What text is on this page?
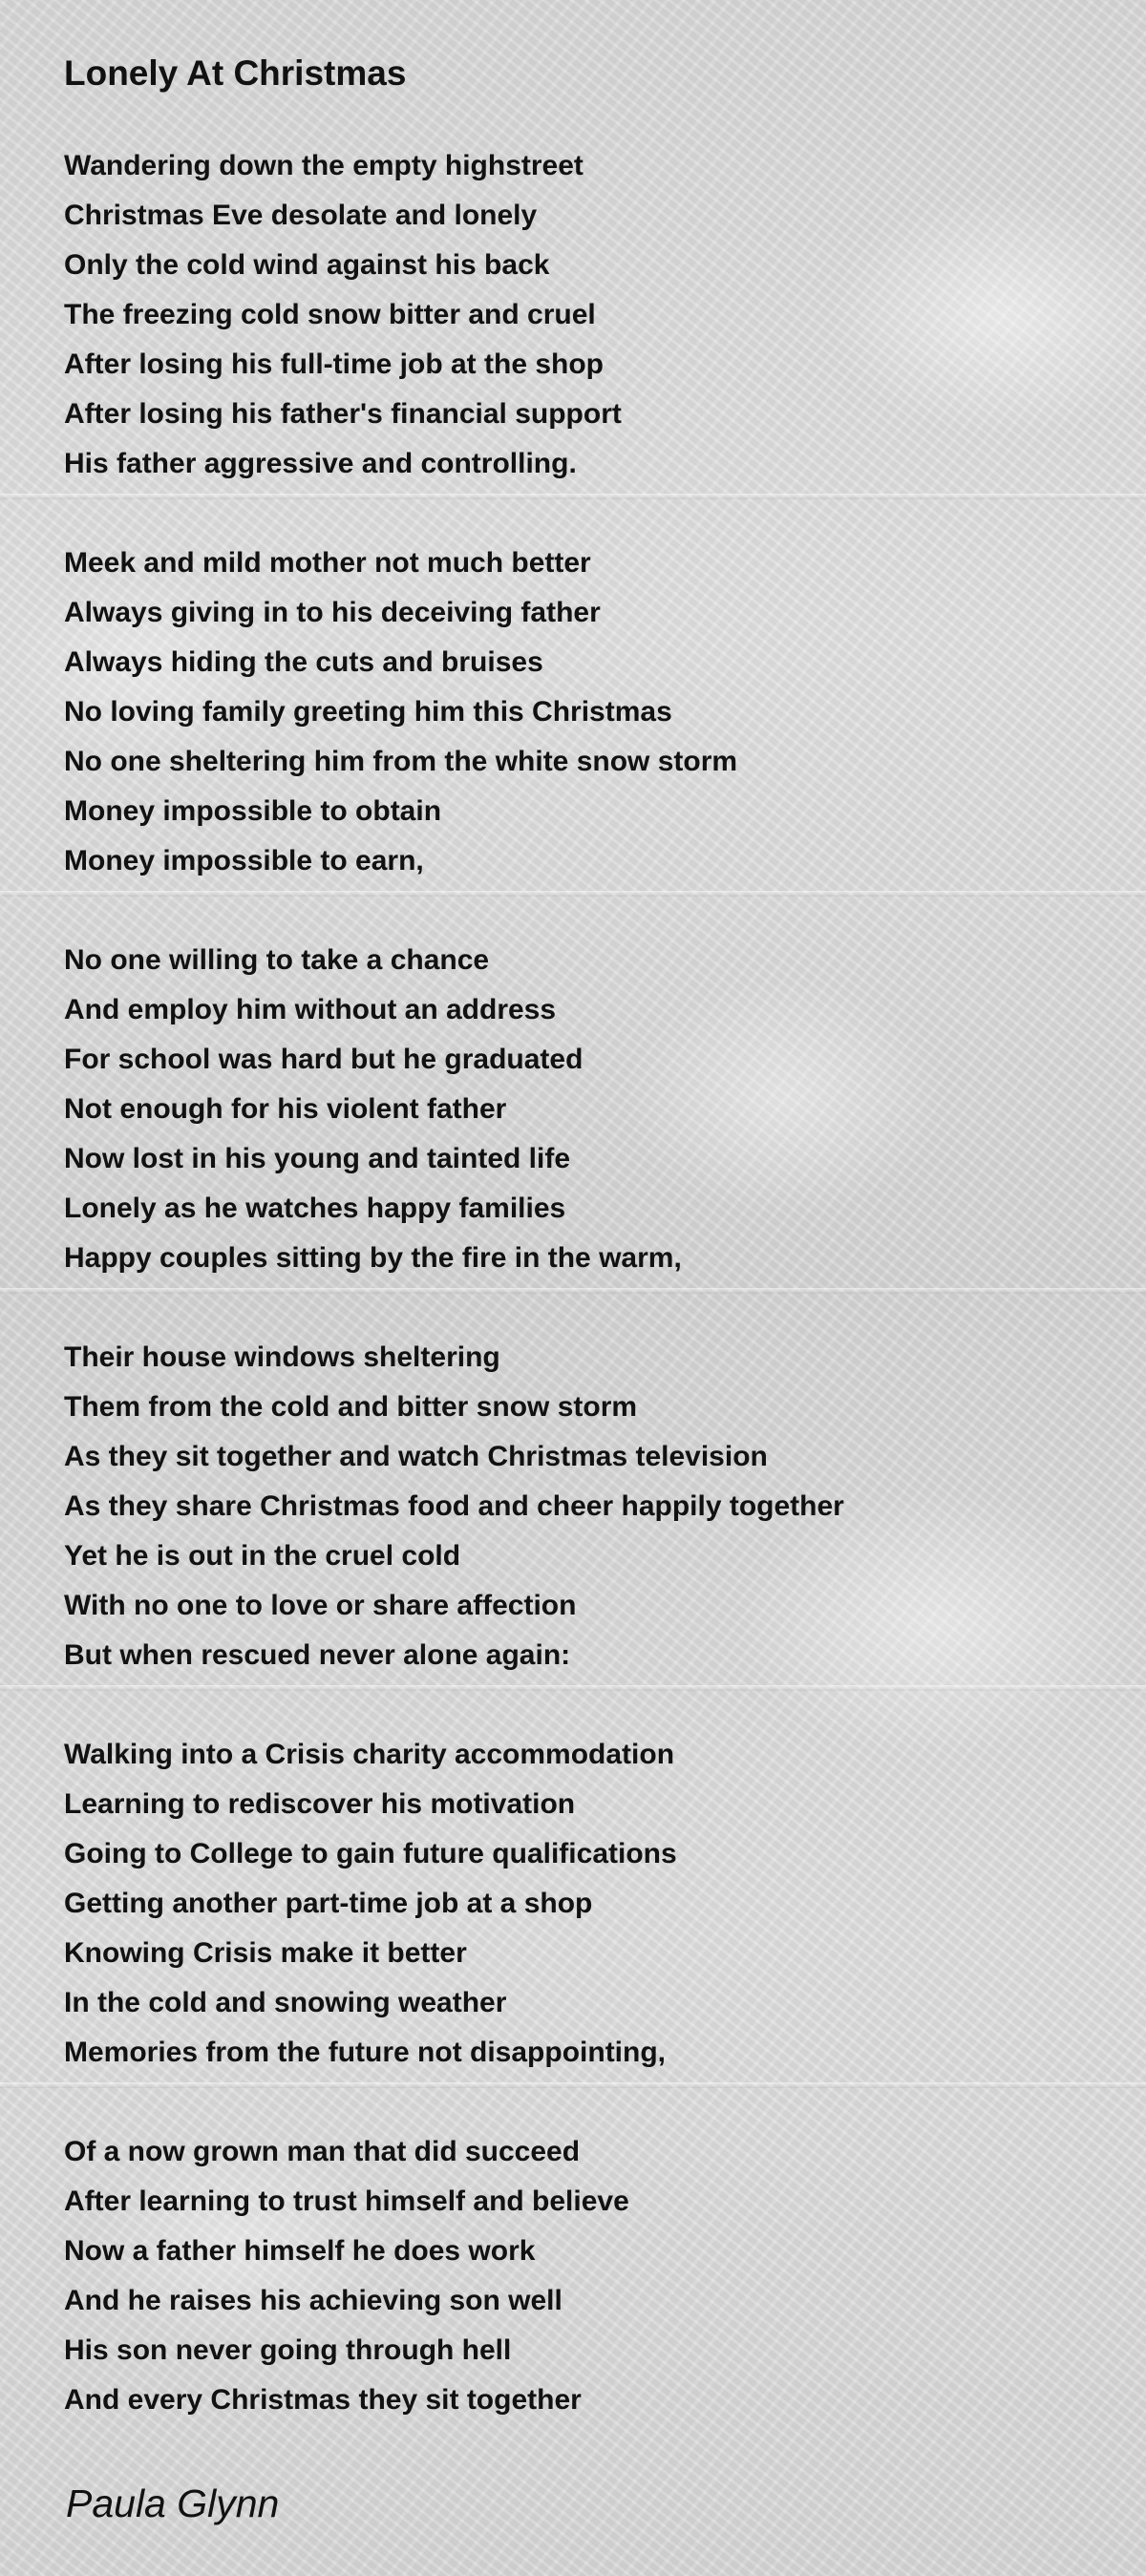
Lonely At Christmas
Wandering down the empty highstreet
Christmas Eve desolate and lonely
Only the cold wind against his back
The freezing cold snow bitter and cruel
After losing his full-time job at the shop
After losing his father's financial support
His father aggressive and controlling.
Meek and mild mother not much better
Always giving in to his deceiving father
Always hiding the cuts and bruises
No loving family greeting him this Christmas
No one sheltering him from the white snow storm
Money impossible to obtain
Money impossible to earn,
No one willing to take a chance
And employ him without an address
For school was hard but he graduated
Not enough for his violent father
Now lost in his young and tainted life
Lonely as he watches happy families
Happy couples sitting by the fire in the warm,
Their house windows sheltering
Them from the cold and bitter snow storm
As they sit together and watch Christmas television
As they share Christmas food and cheer happily together
Yet he is out in the cruel cold
With no one to love or share affection
But when rescued never alone again:
Walking into a Crisis charity accommodation
Learning to rediscover his motivation
Going to College to gain future qualifications
Getting another part-time job at a shop
Knowing Crisis make it better
In the cold and snowing weather
Memories from the future not disappointing,
Of a now grown man that did succeed
After learning to trust himself and believe
Now a father himself he does work
And he raises his achieving son well
His son never going through hell
And every Christmas they sit together

Paula Glynn
